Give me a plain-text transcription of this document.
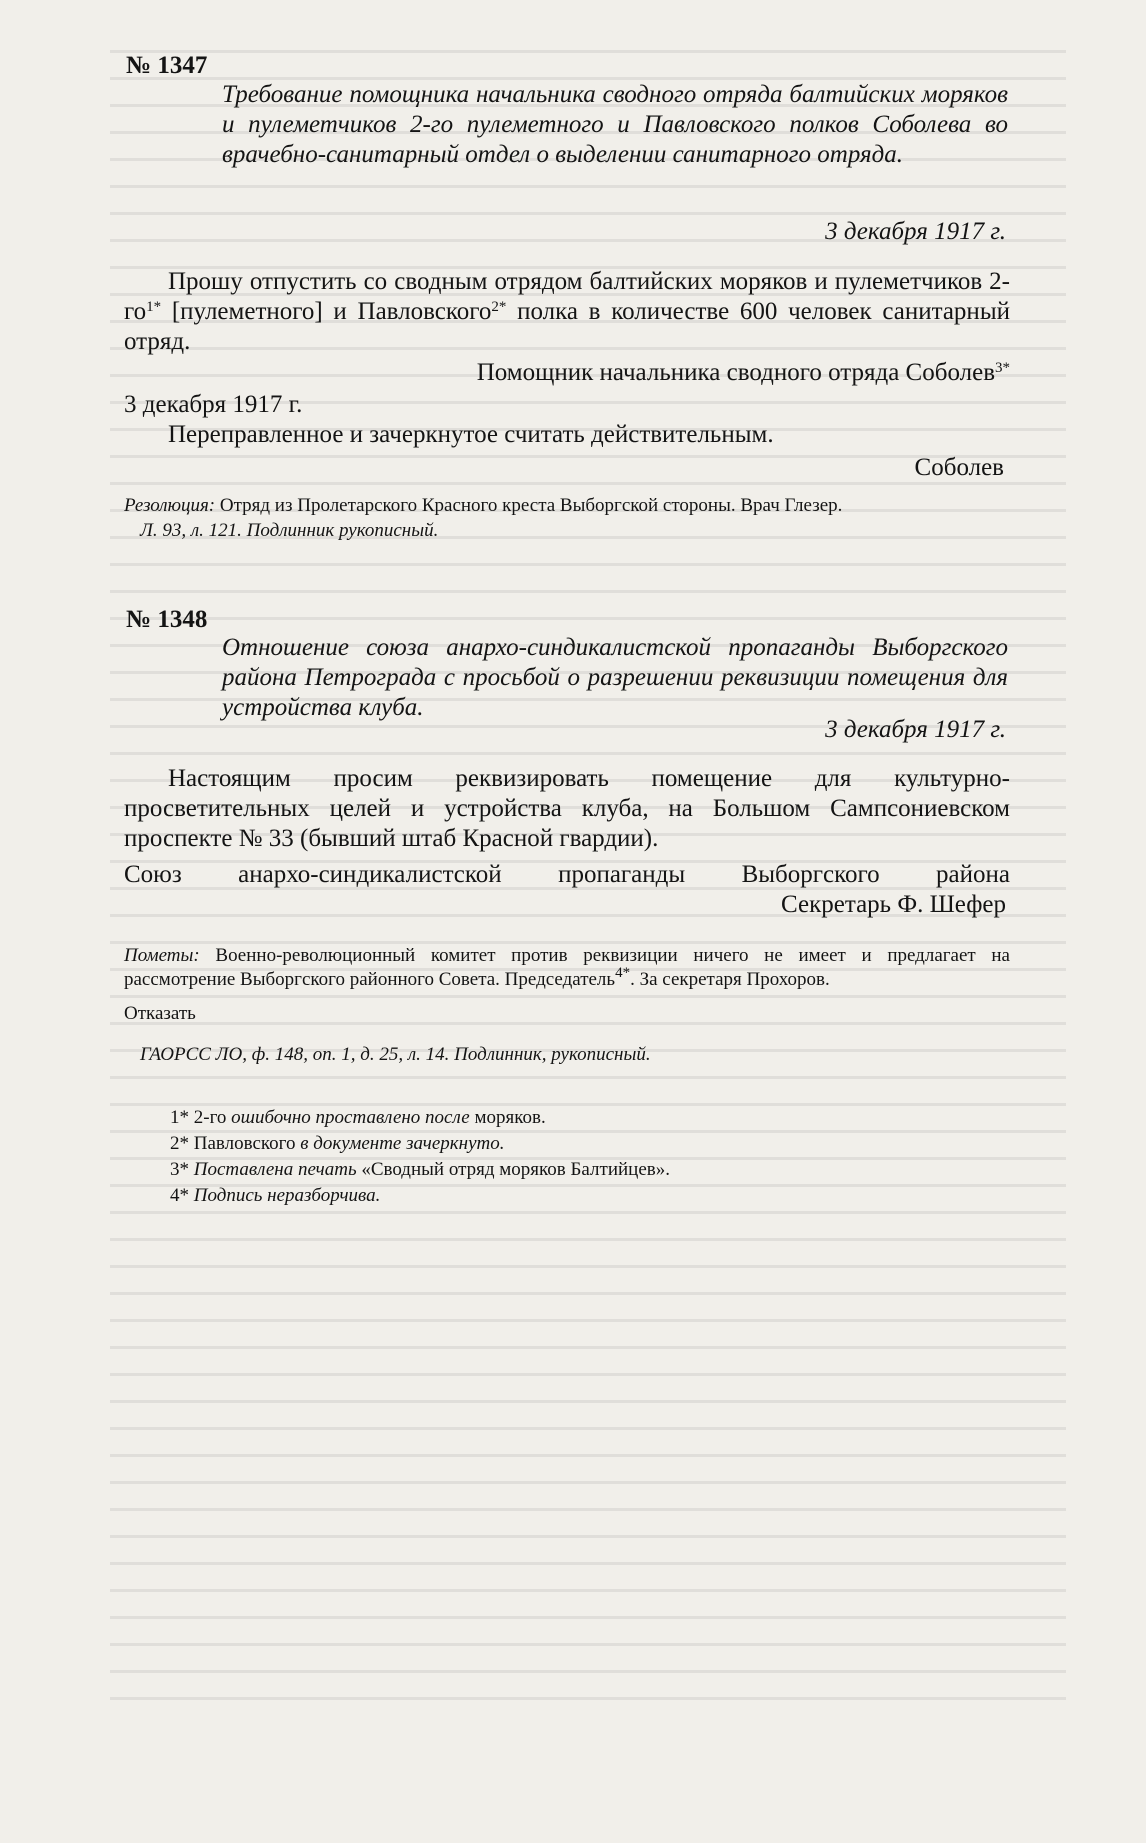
№ 1347
Требование помощника начальника сводного отряда балтийских моряков и пулеметчиков 2-го пулеметного и Павловского полков Соболева во врачебно-санитарный отдел о выделении санитарного отряда.
3 декабря 1917 г.
Прошу отпустить со сводным отрядом балтийских моряков и пулеметчиков $2-го^{1*}$ [пулеметного] и Павловского$^{2*}$ полка в количестве 600 человек санитарный отряд.
Помощник начальника сводного отряда Соболев$^{3*}$
3 декабря 1917 г.
Переправленное и зачеркнутое считать действительным.
Соболев
Резолюция: Отряд из Пролетарского Красного креста Выборгской стороны. Врач Глезер.
Л. 93, л. 121. Подлинник рукописный.
№ 1348
Отношение союза анархо-синдикалистской пропаганды Выборгского района Петрограда с просьбой о разрешении реквизиции помещения для устройства клуба.
3 декабря 1917 г.
Настоящим просим реквизировать помещение для культурно-просветительных целей и устройства клуба, на Большом Сампсониевском проспекте № 33 (бывший штаб Красной гвардии).
Союз анархо-синдикалистской пропаганды Выборгского района
Секретарь Ф. Шефер
Пометы: Военно-революционный комитет против реквизиции ничего не имеет и предлагает на рассмотрение Выборгского районного Совета. Председатель$^{4*}$. За секретаря Прохоров.
Отказать
ГАОРСС ЛО, ф. 148, оп. 1, д. 25, л. 14. Подлинник, рукописный.
1* 2-го ошибочно проставлено после моряков.
2* Павловского в документе зачеркнуто.
3* Поставлена печать «Сводный отряд моряков Балтийцев».
4* Подпись неразборчива.
